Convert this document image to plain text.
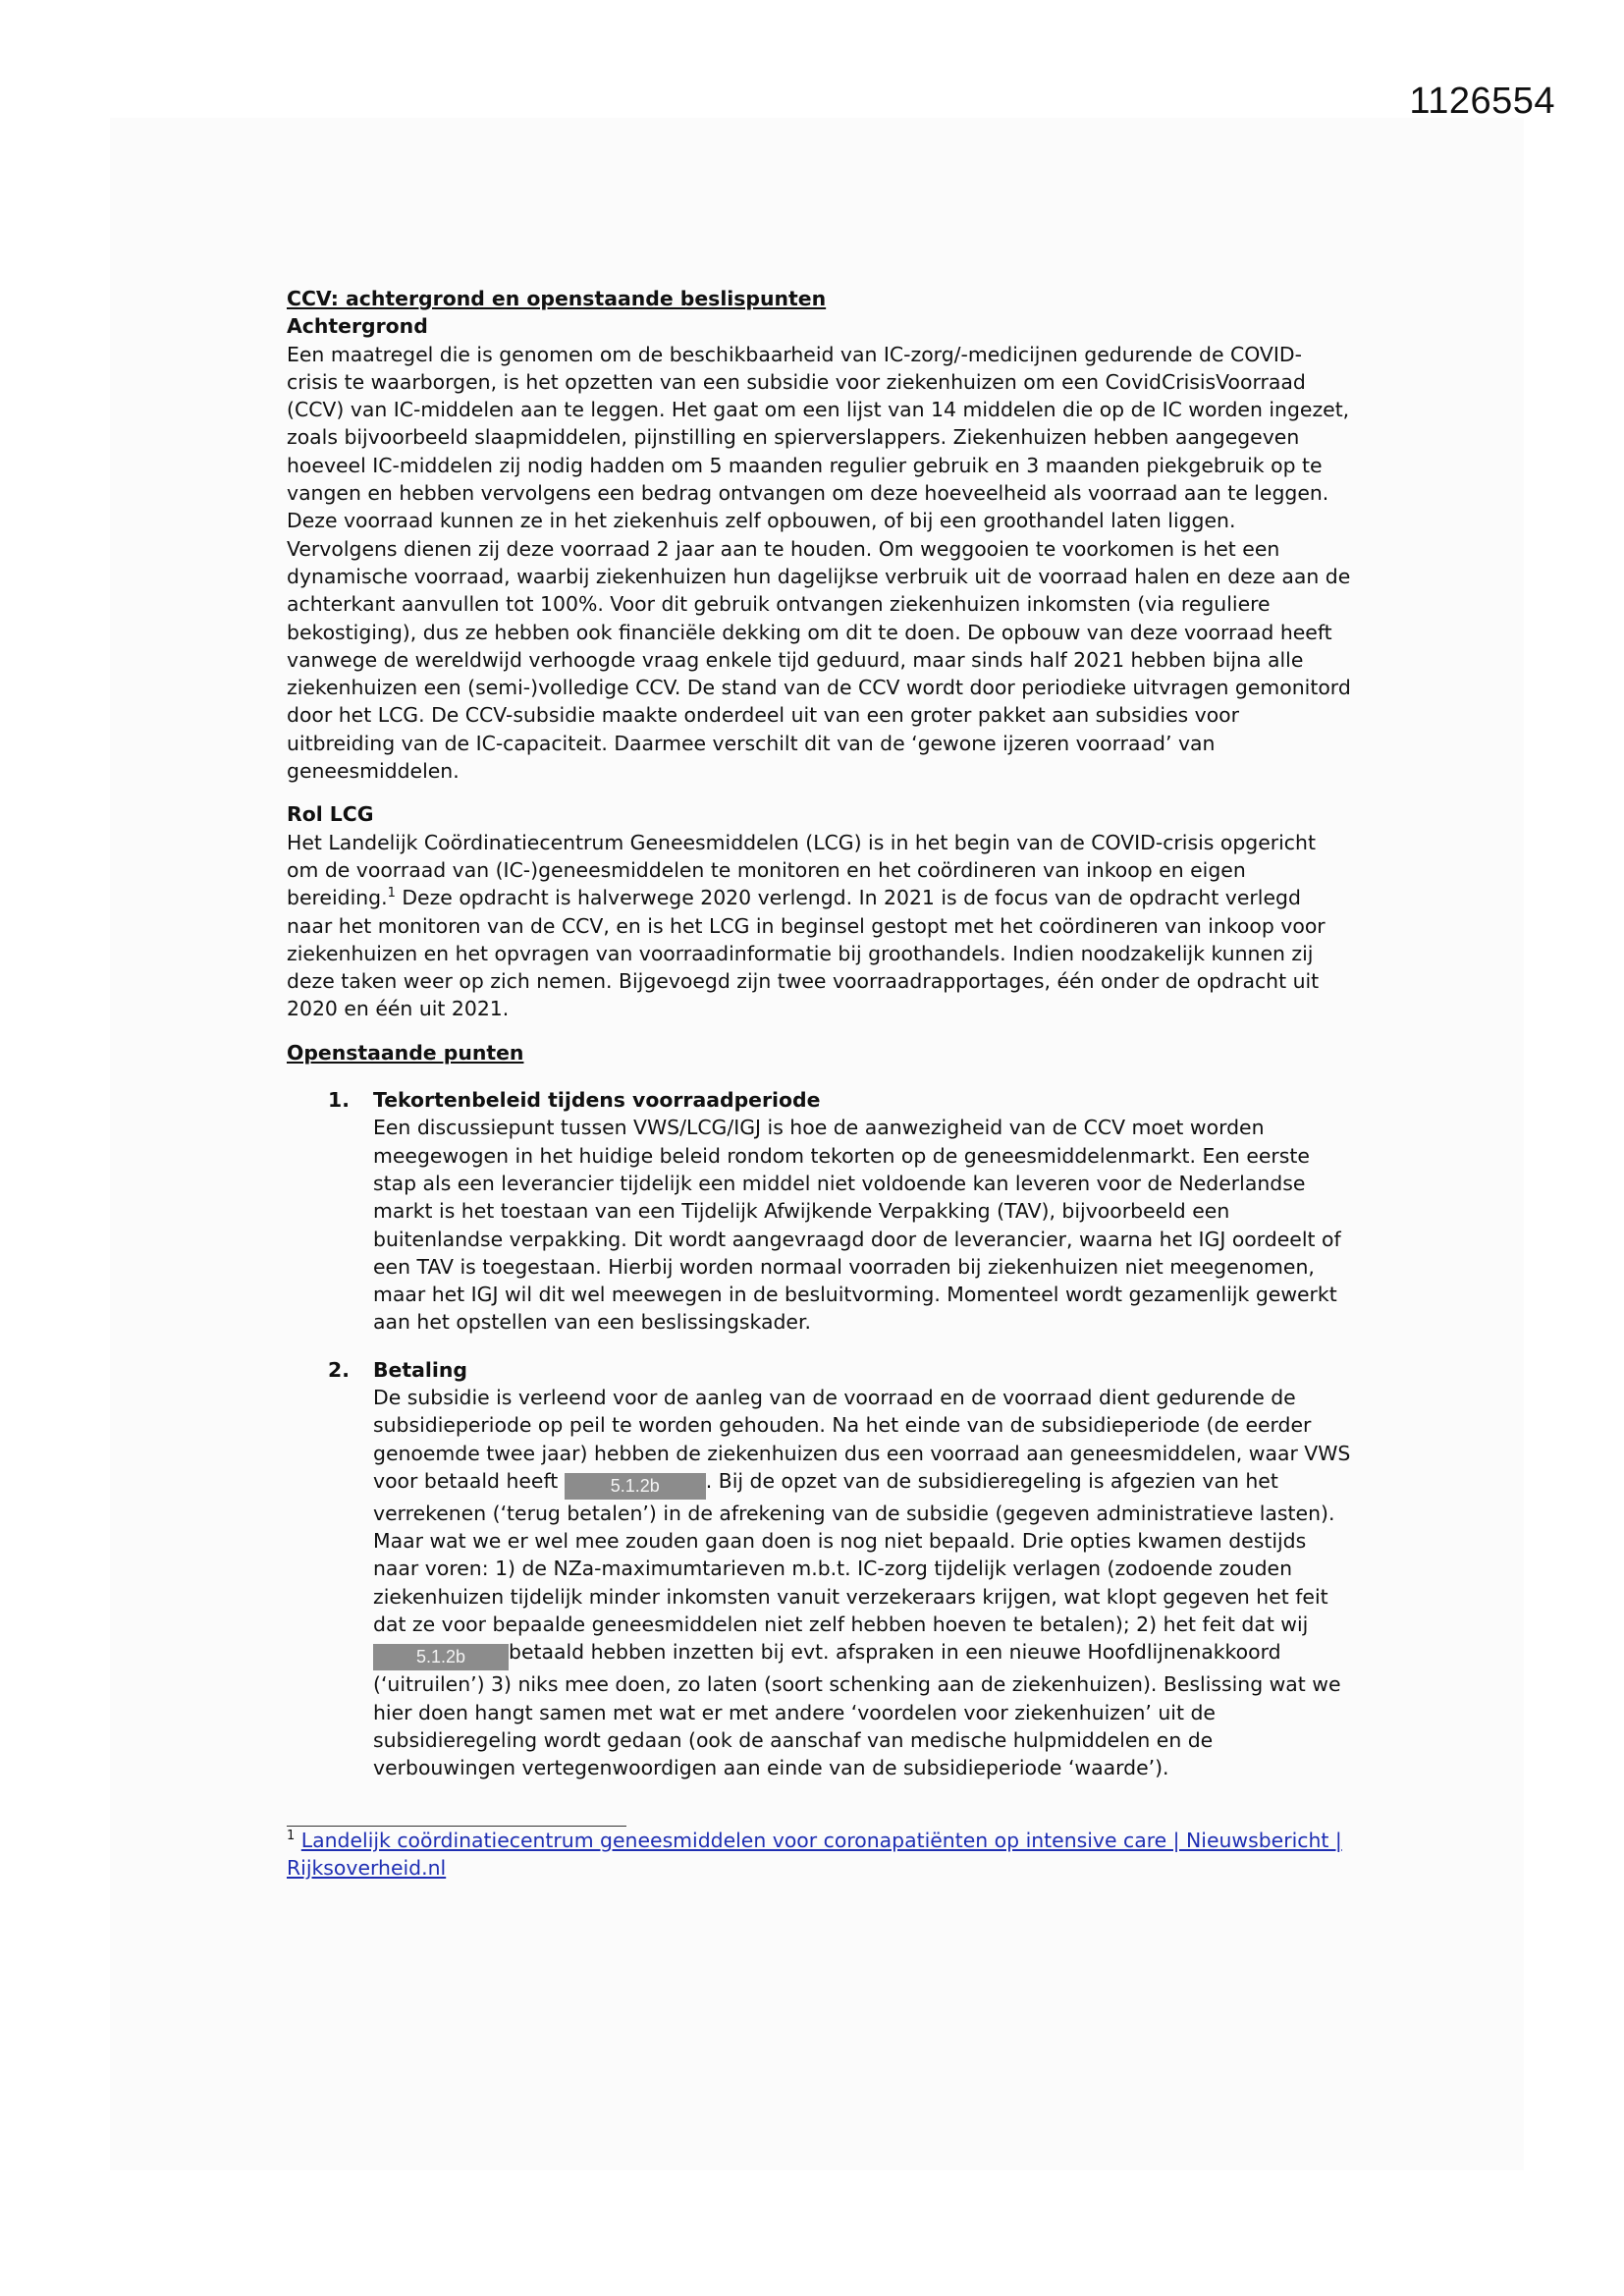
1126554

CCV: achtergrond en openstaande beslispunten

Achtergrond

Een maatregel die is genomen om de beschikbaarheid van IC-zorg/-medicijnen gedurende de COVID-crisis te waarborgen, is het opzetten van een subsidie voor ziekenhuizen om een CovidCrisisVoorraad (CCV) van IC-middelen aan te leggen. Het gaat om een lijst van 14 middelen die op de IC worden ingezet, zoals bijvoorbeeld slaapmiddelen, pijnstilling en spierverslappers. Ziekenhuizen hebben aangegeven hoeveel IC-middelen zij nodig hadden om 5 maanden regulier gebruik en 3 maanden piekgebruik op te vangen en hebben vervolgens een bedrag ontvangen om deze hoeveelheid als voorraad aan te leggen. Deze voorraad kunnen ze in het ziekenhuis zelf opbouwen, of bij een groothandel laten liggen. Vervolgens dienen zij deze voorraad 2 jaar aan te houden. Om weggooien te voorkomen is het een dynamische voorraad, waarbij ziekenhuizen hun dagelijkse verbruik uit de voorraad halen en deze aan de achterkant aanvullen tot 100%. Voor dit gebruik ontvangen ziekenhuizen inkomsten (via reguliere bekostiging), dus ze hebben ook financiële dekking om dit te doen. De opbouw van deze voorraad heeft vanwege de wereldwijd verhoogde vraag enkele tijd geduurd, maar sinds half 2021 hebben bijna alle ziekenhuizen een (semi-)volledige CCV. De stand van de CCV wordt door periodieke uitvragen gemonitord door het LCG. De CCV-subsidie maakte onderdeel uit van een groter pakket aan subsidies voor uitbreiding van de IC-capaciteit. Daarmee verschilt dit van de ‘gewone ijzeren voorraad’ van geneesmiddelen.

Rol LCG

Het Landelijk Coördinatiecentrum Geneesmiddelen (LCG) is in het begin van de COVID-crisis opgericht om de voorraad van (IC-)geneesmiddelen te monitoren en het coördineren van inkoop en eigen bereiding.$^1$ Deze opdracht is halverwege 2020 verlengd. In 2021 is de focus van de opdracht verlegd naar het monitoren van de CCV, en is het LCG in beginsel gestopt met het coördineren van inkoop voor ziekenhuizen en het opvragen van voorraadinformatie bij groothandels. Indien noodzakelijk kunnen zij deze taken weer op zich nemen. Bijgevoegd zijn twee voorraadrapportages, één onder de opdracht uit 2020 en één uit 2021.

Openstaande punten

1. Tekortenbeleid tijdens voorraadperiode

Een discussiepunt tussen VWS/LCG/IGJ is hoe de aanwezigheid van de CCV moet worden meegewogen in het huidige beleid rondom tekorten op de geneesmiddelenmarkt. Een eerste stap als een leverancier tijdelijk een middel niet voldoende kan leveren voor de Nederlandse markt is het toestaan van een Tijdelijk Afwijkende Verpakking (TAV), bijvoorbeeld een buitenlandse verpakking. Dit wordt aangevraagd door de leverancier, waarna het IGJ oordeelt of een TAV is toegestaan. Hierbij worden normaal voorraden bij ziekenhuizen niet meegenomen, maar het IGJ wil dit wel meewegen in de besluitvorming. Momenteel wordt gezamenlijk gewerkt aan het opstellen van een beslissingskader.

2. Betaling

De subsidie is verleend voor de aanleg van de voorraad en de voorraad dient gedurende de subsidieperiode op peil te worden gehouden. Na het einde van de subsidieperiode (de eerder genoemde twee jaar) hebben de ziekenhuizen dus een voorraad aan geneesmiddelen, waar VWS voor betaald heeft	5.1.2b . Bij de opzet van de subsidieregeling is afgezien van het verrekenen (‘terug betalen’) in de afrekening van de subsidie (gegeven administratieve lasten). Maar wat we er wel mee zouden gaan doen is nog niet bepaald. Drie opties kwamen destijds naar voren: 1) de NZa-maximumtarieven m.b.t. IC-zorg tijdelijk verlagen (zodoende zouden ziekenhuizen tijdelijk minder inkomsten vanuit verzekeraars krijgen, wat klopt gegeven het feit dat ze voor bepaalde geneesmiddelen niet zelf hebben hoeven te betalen); 2) het feit dat wij5.1.2b betaald hebben inzetten bij evt. afspraken in een nieuwe Hoofdlijnenakkoord (‘uitruilen’) 3) niks mee doen, zo laten (soort schenking aan de ziekenhuizen). Beslissing wat we hier doen hangt samen met wat er met andere ‘voordelen voor ziekenhuizen’ uit de subsidieregeling wordt gedaan (ook de aanschaf van medische hulpmiddelen en de verbouwingen vertegenwoordigen aan einde van de subsidieperiode ‘waarde’).

$^1$ Landelijk coördinatiecentrum geneesmiddelen voor coronapatiënten op intensive care | Nieuwsbericht | Rijksoverheid.nl
